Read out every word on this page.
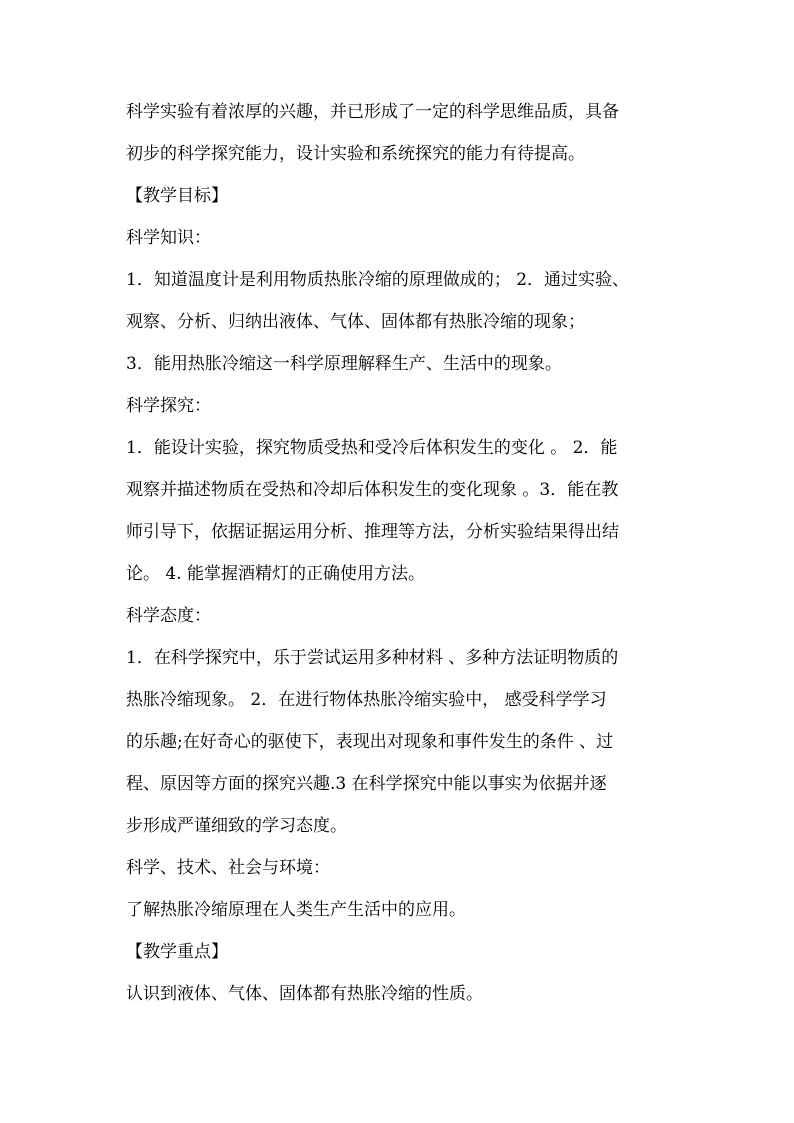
科学实验有着浓厚的兴趣，并已形成了一定的科学思维品质，具备
初步的科学探究能力，设计实验和系统探究的能力有待提高。
【教学目标】
科学知识：
1．知道温度计是利用物质热胀冷缩的原理做成的； 2．通过实验、
观察、分析、归纳出液体、气体、固体都有热胀冷缩的现象；
3．能用热胀冷缩这一科学原理解释生产、生活中的现象。
科学探究：
1．能设计实验，探究物质受热和受冷后体积发生的变化 。 2．能
观察并描述物质在受热和冷却后体积发生的变化现象 。3．能在教
师引导下，依据证据运用分析、推理等方法，分析实验结果得出结
论。 4. 能掌握酒精灯的正确使用方法。
科学态度：
1．在科学探究中，乐于尝试运用多种材料 、多种方法证明物质的
热胀冷缩现象。 2．在进行物体热胀冷缩实验中， 感受科学学习
的乐趣;在好奇心的驱使下，表现出对现象和事件发生的条件 、过
程、原因等方面的探究兴趣.3 在科学探究中能以事实为依据并逐
步形成严谨细致的学习态度。
科学、技术、社会与环境：
了解热胀冷缩原理在人类生产生活中的应用。
【教学重点】
认识到液体、气体、固体都有热胀冷缩的性质。
